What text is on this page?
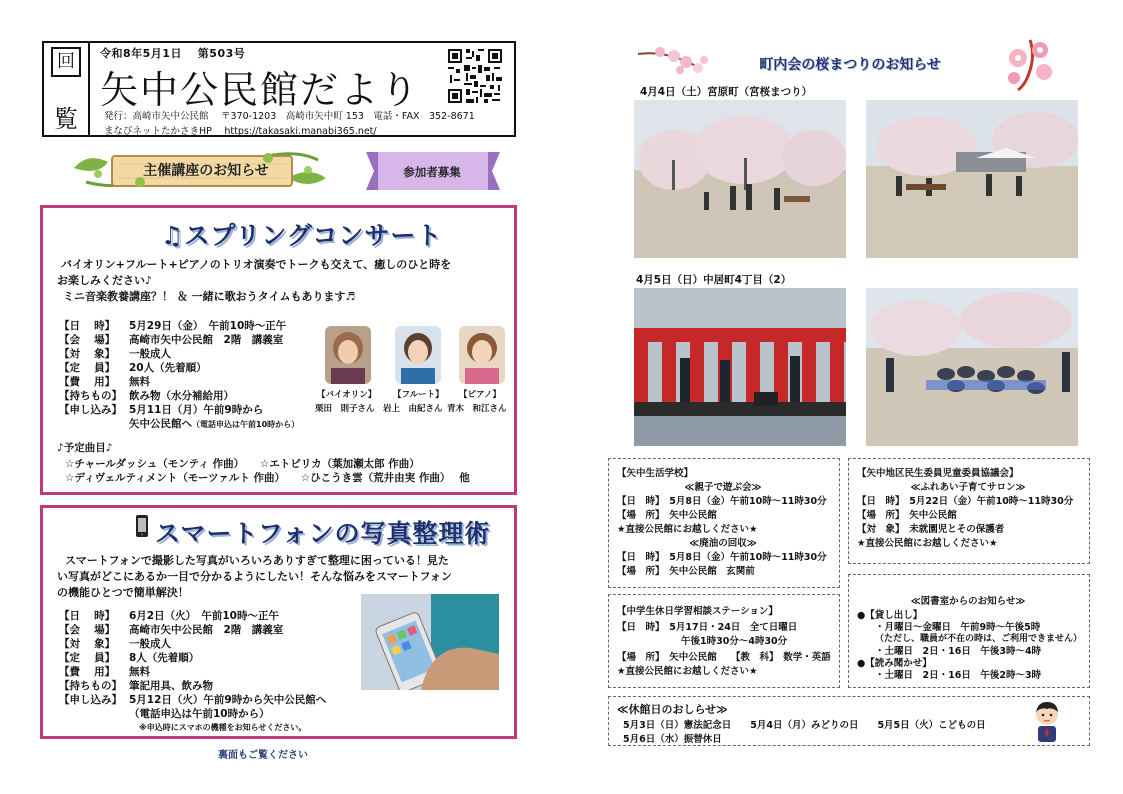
回
覧
令和8年5月1日　 第503号
矢中公民館だより
発行：高崎市矢中公民館　 〒370-1203　高崎市矢中町 153　電話・FAX　352-8671
まなびネットたかさきHP　 https://takasaki.manabi365.net/
主催講座のお知らせ	参加者募集
♫スプリングコンサート
バイオリン+フルート+ピアノのトリオ演奏でトークも交えて、癒しのひと時を
お楽しみください♪
ミニ音楽教養講座？！ ＆ 一緒に歌おうタイムもあります♬
【日　 時】 5月29日（金）　午前10時～正午
【会　 場】 高崎市矢中公民館　2階　講義室
【対　 象】 一般成人
【定　 員】 20人（先着順）
【費　 用】 無料
【持ちもの】 飲み物（水分補給用）
【申し込み】 5月11日（月）午前9時から
矢中公民館へ（電話申込は午前10時から）
【バイオリン】 【フルート】 【ピアノ】
栗田　則子さん 岩上　由紀さん 青木　和江さん
♪予定曲目♪
☆チャールダッシュ（モンティ 作曲）　　☆エトピリカ（葉加瀬太郎 作曲）
☆ディヴェルティメント（モーツァルト 作曲）　　☆ひこうき雲（荒井由実 作曲）　 他
スマートフォンの写真整理術
スマートフォンで撮影した写真がいろいろありすぎて整理に困っている！見た
い写真がどこにあるか一目で分かるようにしたい！そんな悩みをスマートフォン
の機能ひとつで簡単解決！
【日　 時】 6月2日（火）　午前10時～正午
【会　 場】 高崎市矢中公民館　2階　講義室
【対　 象】 一般成人
【定　 員】 8人（先着順）
【費　 用】 無料
【持ちもの】 筆記用具、飲み物
【申し込み】 5月12日（火）午前9時から矢中公民館へ
（電話申込は午前10時から）
※申込時にスマホの機種をお知らせください。
裏面もご覧ください
町内会の桜まつりのお知らせ
4月4日（土）宮原町（宮桜まつり）
4月5日（日）中居町4丁目（2）
【矢中生活学校】
≪親子で遊ぶ会≫
【日　時】　5月8日（金）午前10時～11時30分
【場　所】　矢中公民館
★直接公民館にお越しください★
≪廃油の回収≫
【日　時】　5月8日（金）午前10時～11時30分
【場　所】　矢中公民館　玄関前
【矢中地区民生委員児童委員協議会】
≪ふれあい子育てサロン≫
【日　時】　5月22日（金）午前10時～11時30分
【場　所】　矢中公民館
【対　象】　未就園児とその保護者
★直接公民館にお越しください★
【中学生休日学習相談ステーション】
【日　時】　5月17日・24日　全て日曜日
午後1時30分～4時30分
【場　所】　矢中公民館　　【教　科】　数学・英語
★直接公民館にお越しください★
≪図書室からのお知らせ≫
●【貸し出し】
・月曜日～金曜日　午前9時～午後5時
（ただし、職員が不在の時は、ご利用できません）
・土曜日　2日・16日　午後3時～4時
●【読み聞かせ】
・土曜日　2日・16日　午後2時～3時
≪休館日のおしらせ≫
5月3日（日）憲法記念日　　5月4日（月）みどりの日　　5月5日（火）こどもの日
5月6日（水）振替休日
